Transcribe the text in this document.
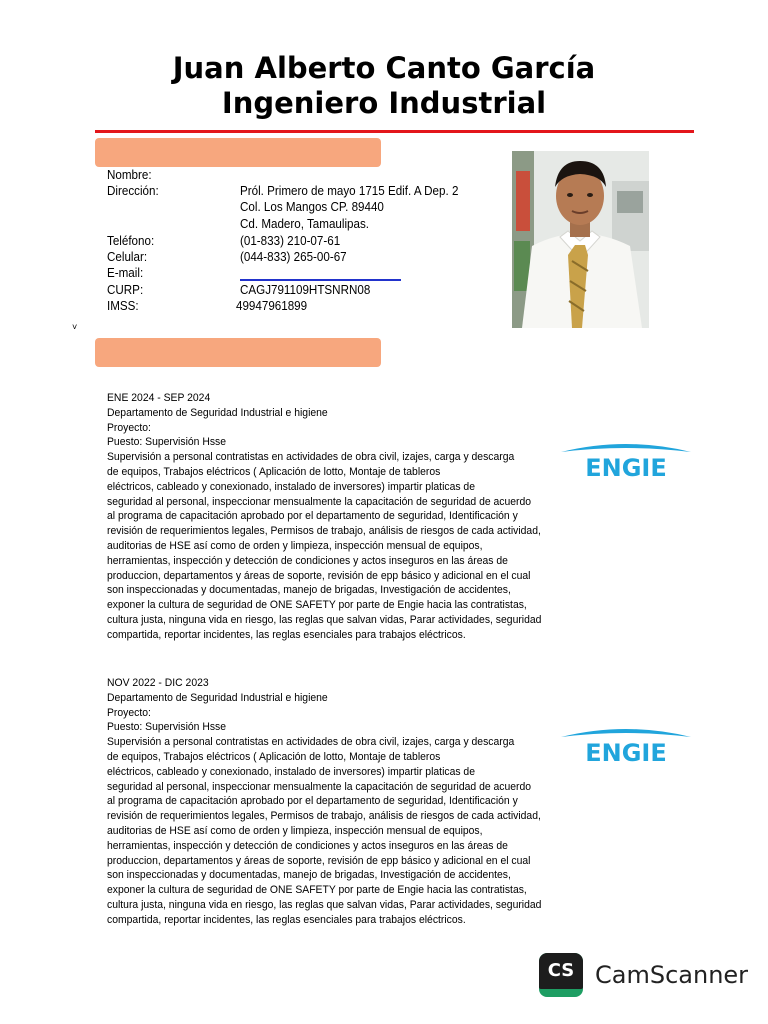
Juan Alberto Canto García
Ingeniero Industrial
Nombre:
Dirección:	Pról. Primero de mayo 1715 Edif. A Dep. 2
Col. Los Mangos CP. 89440
Cd. Madero, Tamaulipas.
Teléfono:	(01-833) 210-07-61
Celular:	(044-833) 265-00-67
E-mail:
CURP:	CAGJ791109HTSNRN08
IMSS:	49947961899
˅
ENE 2024 - SEP 2024
Departamento de Seguridad Industrial e higiene
Proyecto:
Puesto: Supervisión Hsse
Supervisión a personal contratistas en actividades de obra civil, izajes, carga y descarga
de equipos, Trabajos eléctricos ( Aplicación de lotto, Montaje de tableros
eléctricos, cableado y conexionado, instalado de inversores) impartir platicas de
seguridad al personal, inspeccionar mensualmente la capacitación de seguridad de acuerdo
al programa de capacitación aprobado por el departamento de seguridad, Identificación y
revisión de requerimientos legales, Permisos de trabajo, análisis de riesgos de cada actividad,
auditorias de HSE así como de orden y limpieza, inspección mensual de equipos,
herramientas, inspección y detección de condiciones y actos inseguros en las áreas de
produccion, departamentos y áreas de soporte, revisión de epp básico y adicional en el cual
son inspeccionadas y documentadas, manejo de brigadas, Investigación de accidentes,
exponer la cultura de seguridad de ONE SAFETY por parte de Engie hacia las contratistas,
cultura justa, ninguna vida en riesgo, las reglas que salvan vidas, Parar actividades, seguridad
compartida, reportar incidentes, las reglas esenciales para trabajos eléctricos.
ENGIE
NOV 2022 - DIC 2023
Departamento de Seguridad Industrial e higiene
Proyecto:
Puesto: Supervisión Hsse
Supervisión a personal contratistas en actividades de obra civil, izajes, carga y descarga
de equipos, Trabajos eléctricos ( Aplicación de lotto, Montaje de tableros
eléctricos, cableado y conexionado, instalado de inversores) impartir platicas de
seguridad al personal, inspeccionar mensualmente la capacitación de seguridad de acuerdo
al programa de capacitación aprobado por el departamento de seguridad, Identificación y
revisión de requerimientos legales, Permisos de trabajo, análisis de riesgos de cada actividad,
auditorias de HSE así como de orden y limpieza, inspección mensual de equipos,
herramientas, inspección y detección de condiciones y actos inseguros en las áreas de
produccion, departamentos y áreas de soporte, revisión de epp básico y adicional en el cual
son inspeccionadas y documentadas, manejo de brigadas, Investigación de accidentes,
exponer la cultura de seguridad de ONE SAFETY por parte de Engie hacia las contratistas,
cultura justa, ninguna vida en riesgo, las reglas que salvan vidas, Parar actividades, seguridad
compartida, reportar incidentes, las reglas esenciales para trabajos eléctricos.
ENGIE
CS CamScanner
